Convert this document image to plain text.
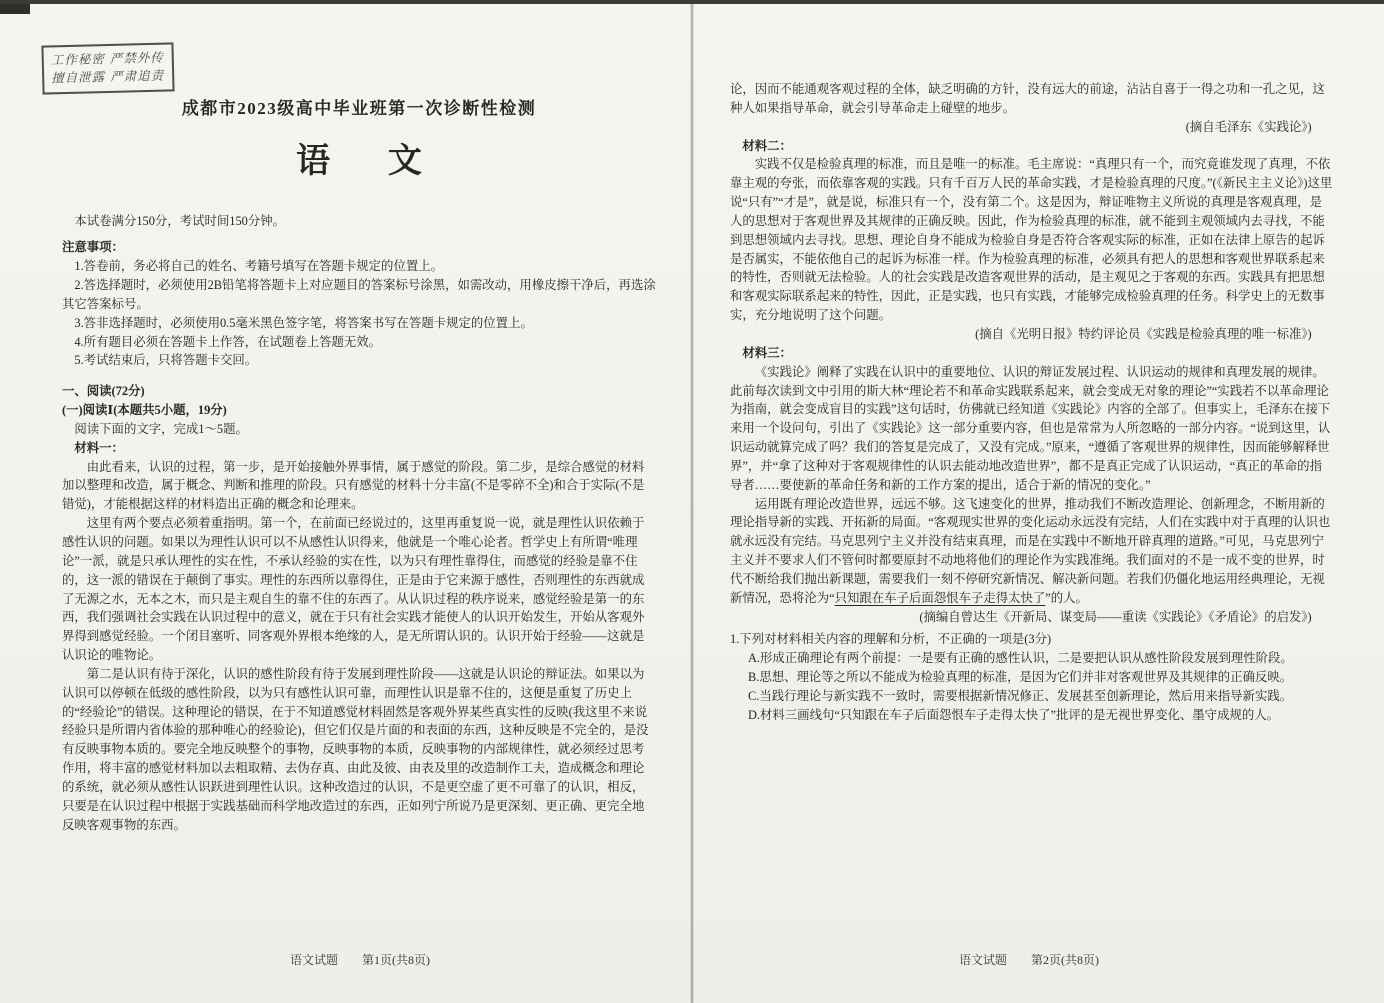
工作秘密 严禁外传
擅自泄露 严肃追责
成都市2023级高中毕业班第一次诊断性检测
语　文

本试卷满分150分，考试时间150分钟。

注意事项：

1.答卷前，务必将自己的姓名、考籍号填写在答题卡规定的位置上。

2.答选择题时，必须使用2B铅笔将答题卡上对应题目的答案标号涂黑，如需改动，用橡皮擦干净后，再选涂其它答案标号。

3.答非选择题时，必须使用0.5毫米黑色签字笔，将答案书写在答题卡规定的位置上。

4.所有题目必须在答题卡上作答，在试题卷上答题无效。

5.考试结束后，只将答题卡交回。

一、阅读(72分)

(一)阅读Ⅰ(本题共5小题，19分)

阅读下面的文字，完成1～5题。

材料一：

由此看来，认识的过程，第一步，是开始接触外界事情，属于感觉的阶段。第二步，是综合感觉的材料加以整理和改造，属于概念、判断和推理的阶段。只有感觉的材料十分丰富(不是零碎不全)和合于实际(不是错觉)，才能根据这样的材料造出正确的概念和论理来。

这里有两个要点必须着重指明。第一个，在前面已经说过的，这里再重复说一说，就是理性认识依赖于感性认识的问题。如果以为理性认识可以不从感性认识得来，他就是一个唯心论者。哲学史上有所谓“唯理论”一派，就是只承认理性的实在性，不承认经验的实在性，以为只有理性靠得住，而感觉的经验是靠不住的，这一派的错误在于颠倒了事实。理性的东西所以靠得住，正是由于它来源于感性，否则理性的东西就成了无源之水，无本之木，而只是主观自生的靠不住的东西了。从认识过程的秩序说来，感觉经验是第一的东西，我们强调社会实践在认识过程中的意义，就在于只有社会实践才能使人的认识开始发生，开始从客观外界得到感觉经验。一个闭目塞听、同客观外界根本绝缘的人，是无所谓认识的。认识开始于经验——这就是认识论的唯物论。

第二是认识有待于深化，认识的感性阶段有待于发展到理性阶段——这就是认识论的辩证法。如果以为认识可以停顿在低级的感性阶段，以为只有感性认识可靠，而理性认识是靠不住的，这便是重复了历史上的“经验论”的错误。这种理论的错误，在于不知道感觉材料固然是客观外界某些真实性的反映(我这里不来说经验只是所谓内省体验的那种唯心的经验论)，但它们仅是片面的和表面的东西，这种反映是不完全的，是没有反映事物本质的。要完全地反映整个的事物，反映事物的本质，反映事物的内部规律性，就必须经过思考作用，将丰富的感觉材料加以去粗取精、去伪存真、由此及彼、由表及里的改造制作工夫，造成概念和理论的系统，就必须从感性认识跃进到理性认识。这种改造过的认识，不是更空虚了更不可靠了的认识，相反，只要是在认识过程中根据于实践基础而科学地改造过的东西，正如列宁所说乃是更深刻、更正确、更完全地反映客观事物的东西。

语文试题　　第1页(共8页)

论，因而不能通观客观过程的全体，缺乏明确的方针，没有远大的前途，沾沾自喜于一得之功和一孔之见，这种人如果指导革命，就会引导革命走上碰壁的地步。

(摘自毛泽东《实践论》)

材料二：

实践不仅是检验真理的标准，而且是唯一的标准。毛主席说：“真理只有一个，而究竟谁发现了真理，不依靠主观的夸张，而依靠客观的实践。只有千百万人民的革命实践，才是检验真理的尺度。”(《新民主主义论》)这里说“只有”“才是”，就是说，标准只有一个，没有第二个。这是因为，辩证唯物主义所说的真理是客观真理，是人的思想对于客观世界及其规律的正确反映。因此，作为检验真理的标准，就不能到主观领域内去寻找，不能到思想领域内去寻找。思想、理论自身不能成为检验自身是否符合客观实际的标准，正如在法律上原告的起诉是否属实，不能依他自己的起诉为标准一样。作为检验真理的标准，必须具有把人的思想和客观世界联系起来的特性，否则就无法检验。人的社会实践是改造客观世界的活动，是主观见之于客观的东西。实践具有把思想和客观实际联系起来的特性，因此，正是实践，也只有实践，才能够完成检验真理的任务。科学史上的无数事实，充分地说明了这个问题。

(摘自《光明日报》特约评论员《实践是检验真理的唯一标准》)

材料三：

《实践论》阐释了实践在认识中的重要地位、认识的辩证发展过程、认识运动的规律和真理发展的规律。此前每次读到文中引用的斯大林“理论若不和革命实践联系起来，就会变成无对象的理论”“实践若不以革命理论为指南，就会变成盲目的实践”这句话时，仿佛就已经知道《实践论》内容的全部了。但事实上，毛泽东在接下来用一个设问句，引出了《实践论》这一部分重要内容，但也是常常为人所忽略的一部分内容。“说到这里，认识运动就算完成了吗？我们的答复是完成了，又没有完成。”原来，“遵循了客观世界的规律性，因而能够解释世界”，并“拿了这种对于客观规律性的认识去能动地改造世界”，都不是真正完成了认识运动，“真正的革命的指导者……要使新的革命任务和新的工作方案的提出，适合于新的情况的变化。”

运用既有理论改造世界，远远不够。这飞速变化的世界，推动我们不断改造理论、创新理念，不断用新的理论指导新的实践、开拓新的局面。“客观现实世界的变化运动永远没有完结，人们在实践中对于真理的认识也就永远没有完结。马克思列宁主义并没有结束真理，而是在实践中不断地开辟真理的道路。”可见，马克思列宁主义并不要求人们不管何时都要原封不动地将他们的理论作为实践准绳。我们面对的不是一成不变的世界，时代不断给我们抛出新课题，需要我们一刻不停研究新情况、解决新问题。若我们仍僵化地运用经典理论，无视新情况，恐将沦为“只知跟在车子后面怨恨车子走得太快了”的人。

(摘编自曾达生《开新局、谋变局——重读《实践论》《矛盾论》的启发》)

1.下列对材料相关内容的理解和分析，不正确的一项是(3分)

A.形成正确理论有两个前提：一是要有正确的感性认识，二是要把认识从感性阶段发展到理性阶段。

B.思想、理论等之所以不能成为检验真理的标准，是因为它们并非对客观世界及其规律的正确反映。

C.当践行理论与新实践不一致时，需要根据新情况修正、发展甚至创新理论，然后用来指导新实践。

D.材料三画线句“只知跟在车子后面怨恨车子走得太快了”批评的是无视世界变化、墨守成规的人。

语文试题　　第2页(共8页)
